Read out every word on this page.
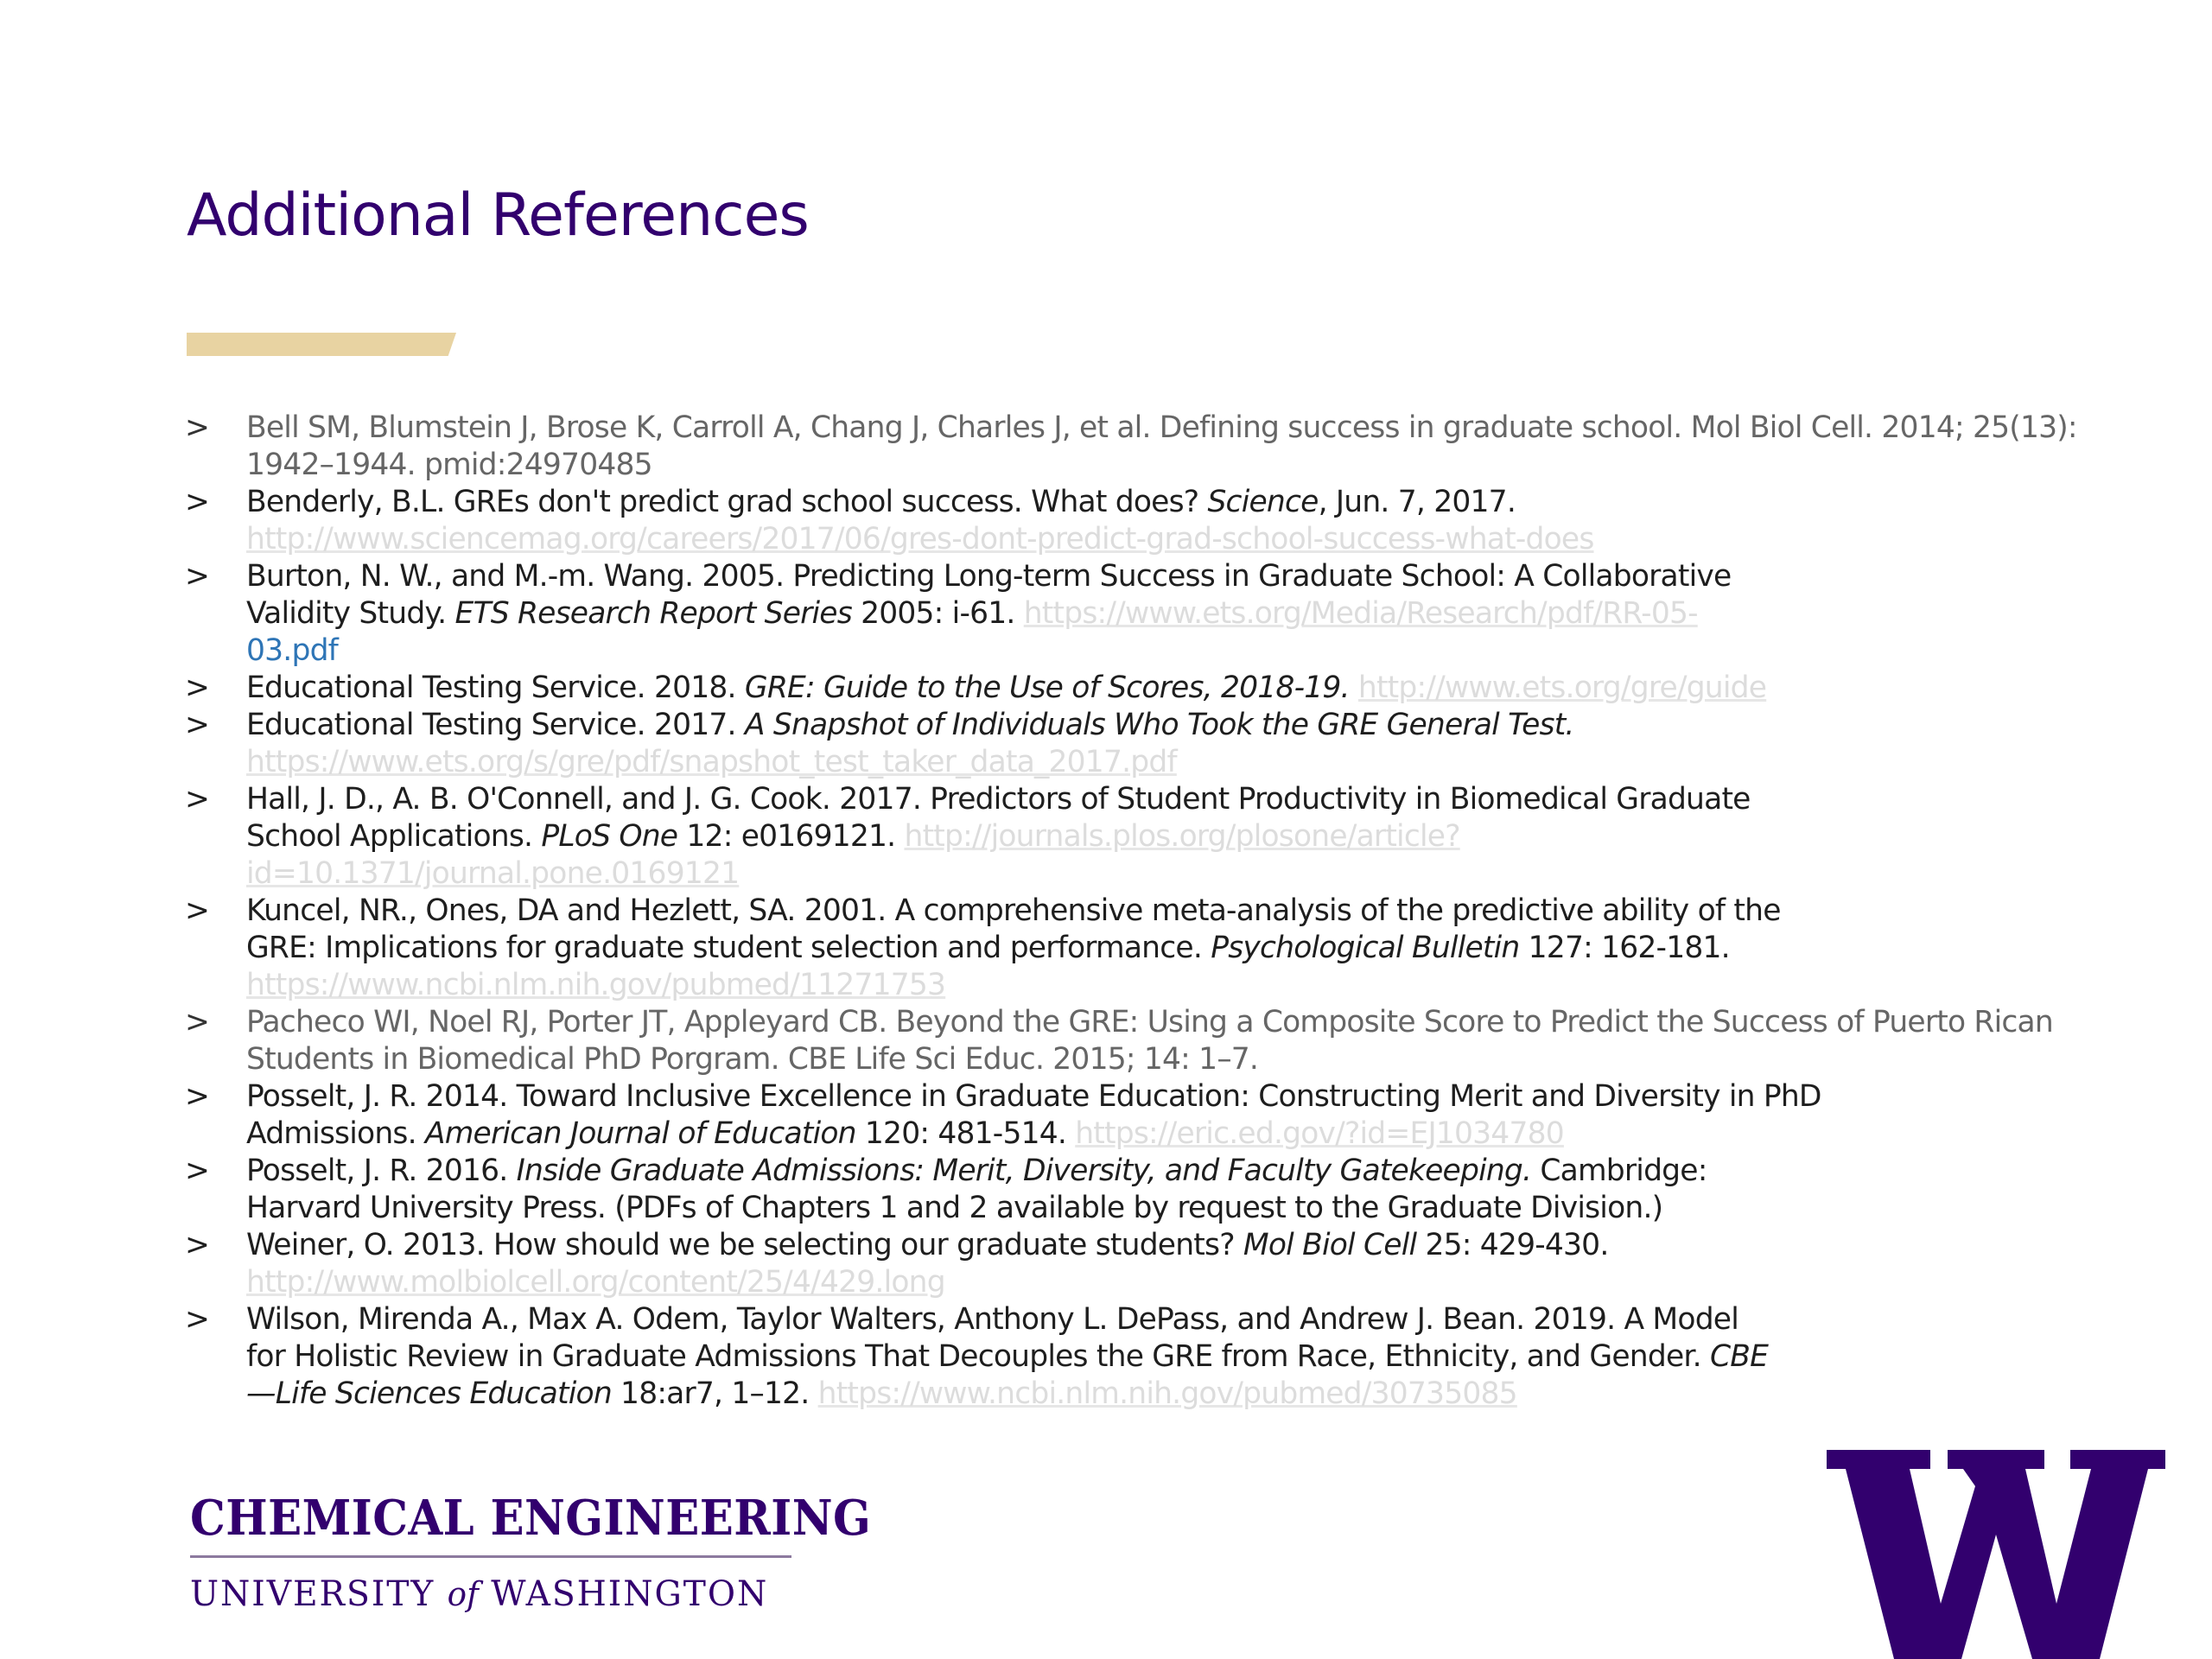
Additional References
> Bell SM, Blumstein J, Brose K, Carroll A, Chang J, Charles J, et al. Defining success in graduate school. Mol Biol Cell. 2014; 25(13): 1942–1944. pmid:24970485
> Benderly, B.L. GREs don't predict grad school success. What does? Science, Jun. 7, 2017. http://www.sciencemag.org/careers/2017/06/gres-dont-predict-grad-school-success-what-does
> Burton, N. W., and M.-m. Wang. 2005. Predicting Long-term Success in Graduate School: A Collaborative Validity Study. ETS Research Report Series 2005: i-61. https://www.ets.org/Media/Research/pdf/RR-05-
03.pdf
> Educational Testing Service. 2018. GRE: Guide to the Use of Scores, 2018-19. http://www.ets.org/gre/guide
> Educational Testing Service. 2017. A Snapshot of Individuals Who Took the GRE General Test.
https://www.ets.org/s/gre/pdf/snapshot_test_taker_data_2017.pdf
> Hall, J. D., A. B. O'Connell, and J. G. Cook. 2017. Predictors of Student Productivity in Biomedical Graduate School Applications. PLoS One 12: e0169121. http://journals.plos.org/plosone/article?id=10.1371/journal.pone.0169121
> Kuncel, NR., Ones, DA and Hezlett, SA. 2001. A comprehensive meta-analysis of the predictive ability of the GRE: Implications for graduate student selection and performance. Psychological Bulletin 127: 162-181. https://www.ncbi.nlm.nih.gov/pubmed/11271753
> Pacheco WI, Noel RJ, Porter JT, Appleyard CB. Beyond the GRE: Using a Composite Score to Predict the Success of Puerto Rican Students in Biomedical PhD Porgram. CBE Life Sci Educ. 2015; 14: 1–7.
> Posselt, J. R. 2014. Toward Inclusive Excellence in Graduate Education: Constructing Merit and Diversity in PhD Admissions. American Journal of Education 120: 481-514. https://eric.ed.gov/?id=EJ1034780
> Posselt, J. R. 2016. Inside Graduate Admissions: Merit, Diversity, and Faculty Gatekeeping. Cambridge: Harvard University Press. (PDFs of Chapters 1 and 2 available by request to the Graduate Division.)
> Weiner, O. 2013. How should we be selecting our graduate students? Mol Biol Cell 25: 429-430. http://www.molbiolcell.org/content/25/4/429.long
> Wilson, Mirenda A., Max A. Odem, Taylor Walters, Anthony L. DePass, and Andrew J. Bean. 2019. A Model for Holistic Review in Graduate Admissions That Decouples the GRE from Race, Ethnicity, and Gender. CBE—Life Sciences Education 18:ar7, 1–12. https://www.ncbi.nlm.nih.gov/pubmed/30735085
CHEMICAL ENGINEERING
UNIVERSITY of WASHINGTON
